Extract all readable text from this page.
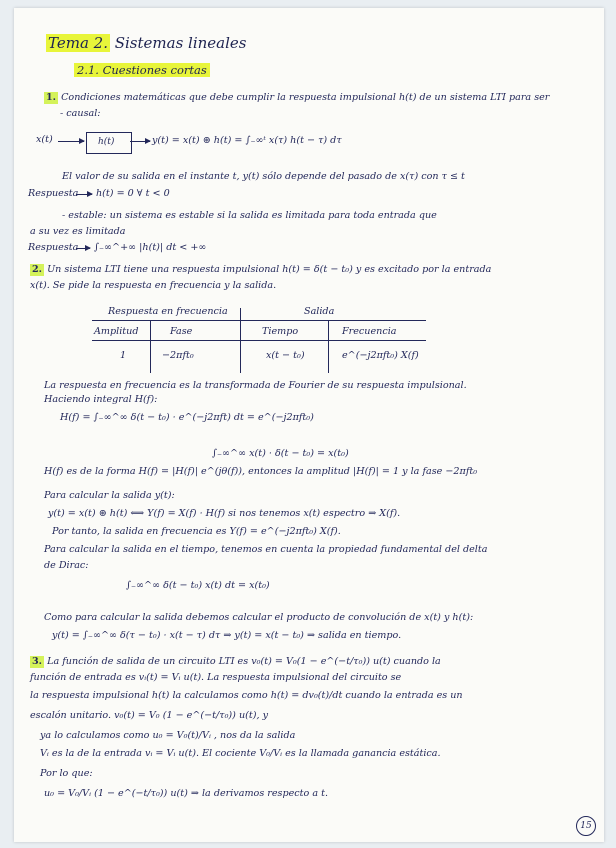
Tema 2. Sistemas lineales
2.1. Cuestiones cortas
1. Condiciones matemáticas que debe cumplir la respuesta impulsional h(t) de un sistema LTI para ser
- causal:
x(t)	h(t)	y(t) = x(t) ⊛ h(t) = ∫₋∞ᵗ x(τ) h(t − τ) dτ
El valor de su salida en el instante t, y(t) sólo depende del pasado de x(τ) con τ ≤ t
Respuesta h(t) = 0 ∀ t < 0
- estable: un sistema es estable si la salida es limitada para toda entrada que
a su vez es limitada
Respuesta ∫₋∞^+∞ |h(t)| dt < +∞
2. Un sistema LTI tiene una respuesta impulsional h(t) = δ(t − t₀) y es excitado por la entrada
x(t). Se pide la respuesta en frecuencia y la salida.
Respuesta en frecuencia	Salida
Amplitud	Fase	Tiempo	Frecuencia
1	−2πft₀	x(t − t₀)	e^(−j2πft₀) X(f)
La respuesta en frecuencia es la transformada de Fourier de su respuesta impulsional.
Haciendo integral H(f):
H(f) = ∫₋∞^∞ δ(t − t₀) · e^(−j2πft) dt = e^(−j2πft₀)
∫₋∞^∞ x(t) · δ(t − t₀) = x(t₀)
H(f) es de la forma H(f) = |H(f)| e^(jθ(f)), entonces la amplitud |H(f)| = 1 y la fase −2πft₀
Para calcular la salida y(t):
y(t) = x(t) ⊛ h(t) ⟺ Y(f) = X(f) · H(f) si nos tenemos x(t) espectro ⇒ X(f).
Por tanto, la salida en frecuencia es Y(f) = e^(−j2πft₀) X(f).
Para calcular la salida en el tiempo, tenemos en cuenta la propiedad fundamental del delta
de Dirac:
∫₋∞^∞ δ(t − t₀) x(t) dt = x(t₀)
Como para calcular la salida debemos calcular el producto de convolución de x(t) y h(t):
y(t) = ∫₋∞^∞ δ(τ − t₀) · x(t − τ) dτ ⇒ y(t) = x(t − t₀) ⇒ salida en tiempo.
3. La función de salida de un circuito LTI es v₀(t) = V₀(1 − e^(−t/τ₀)) u(t) cuando la
función de entrada es vᵢ(t) = Vᵢ u(t). La respuesta impulsional del circuito se
la respuesta impulsional h(t) la calculamos como h(t) = dv₀(t)/dt cuando la entrada es un
escalón unitario. v₀(t) = V₀ (1 − e^(−t/τ₀)) u(t), y
ya lo calculamos como u₀ = V₀(t)/Vᵢ , nos da la salida
Vᵢ es la de la entrada vᵢ = Vᵢ u(t). El cociente V₀/Vᵢ es la llamada ganancia estática.
Por lo que:
u₀ = V₀/Vᵢ (1 − e^(−t/τ₀)) u(t) ⇒ la derivamos respecto a t.
15
